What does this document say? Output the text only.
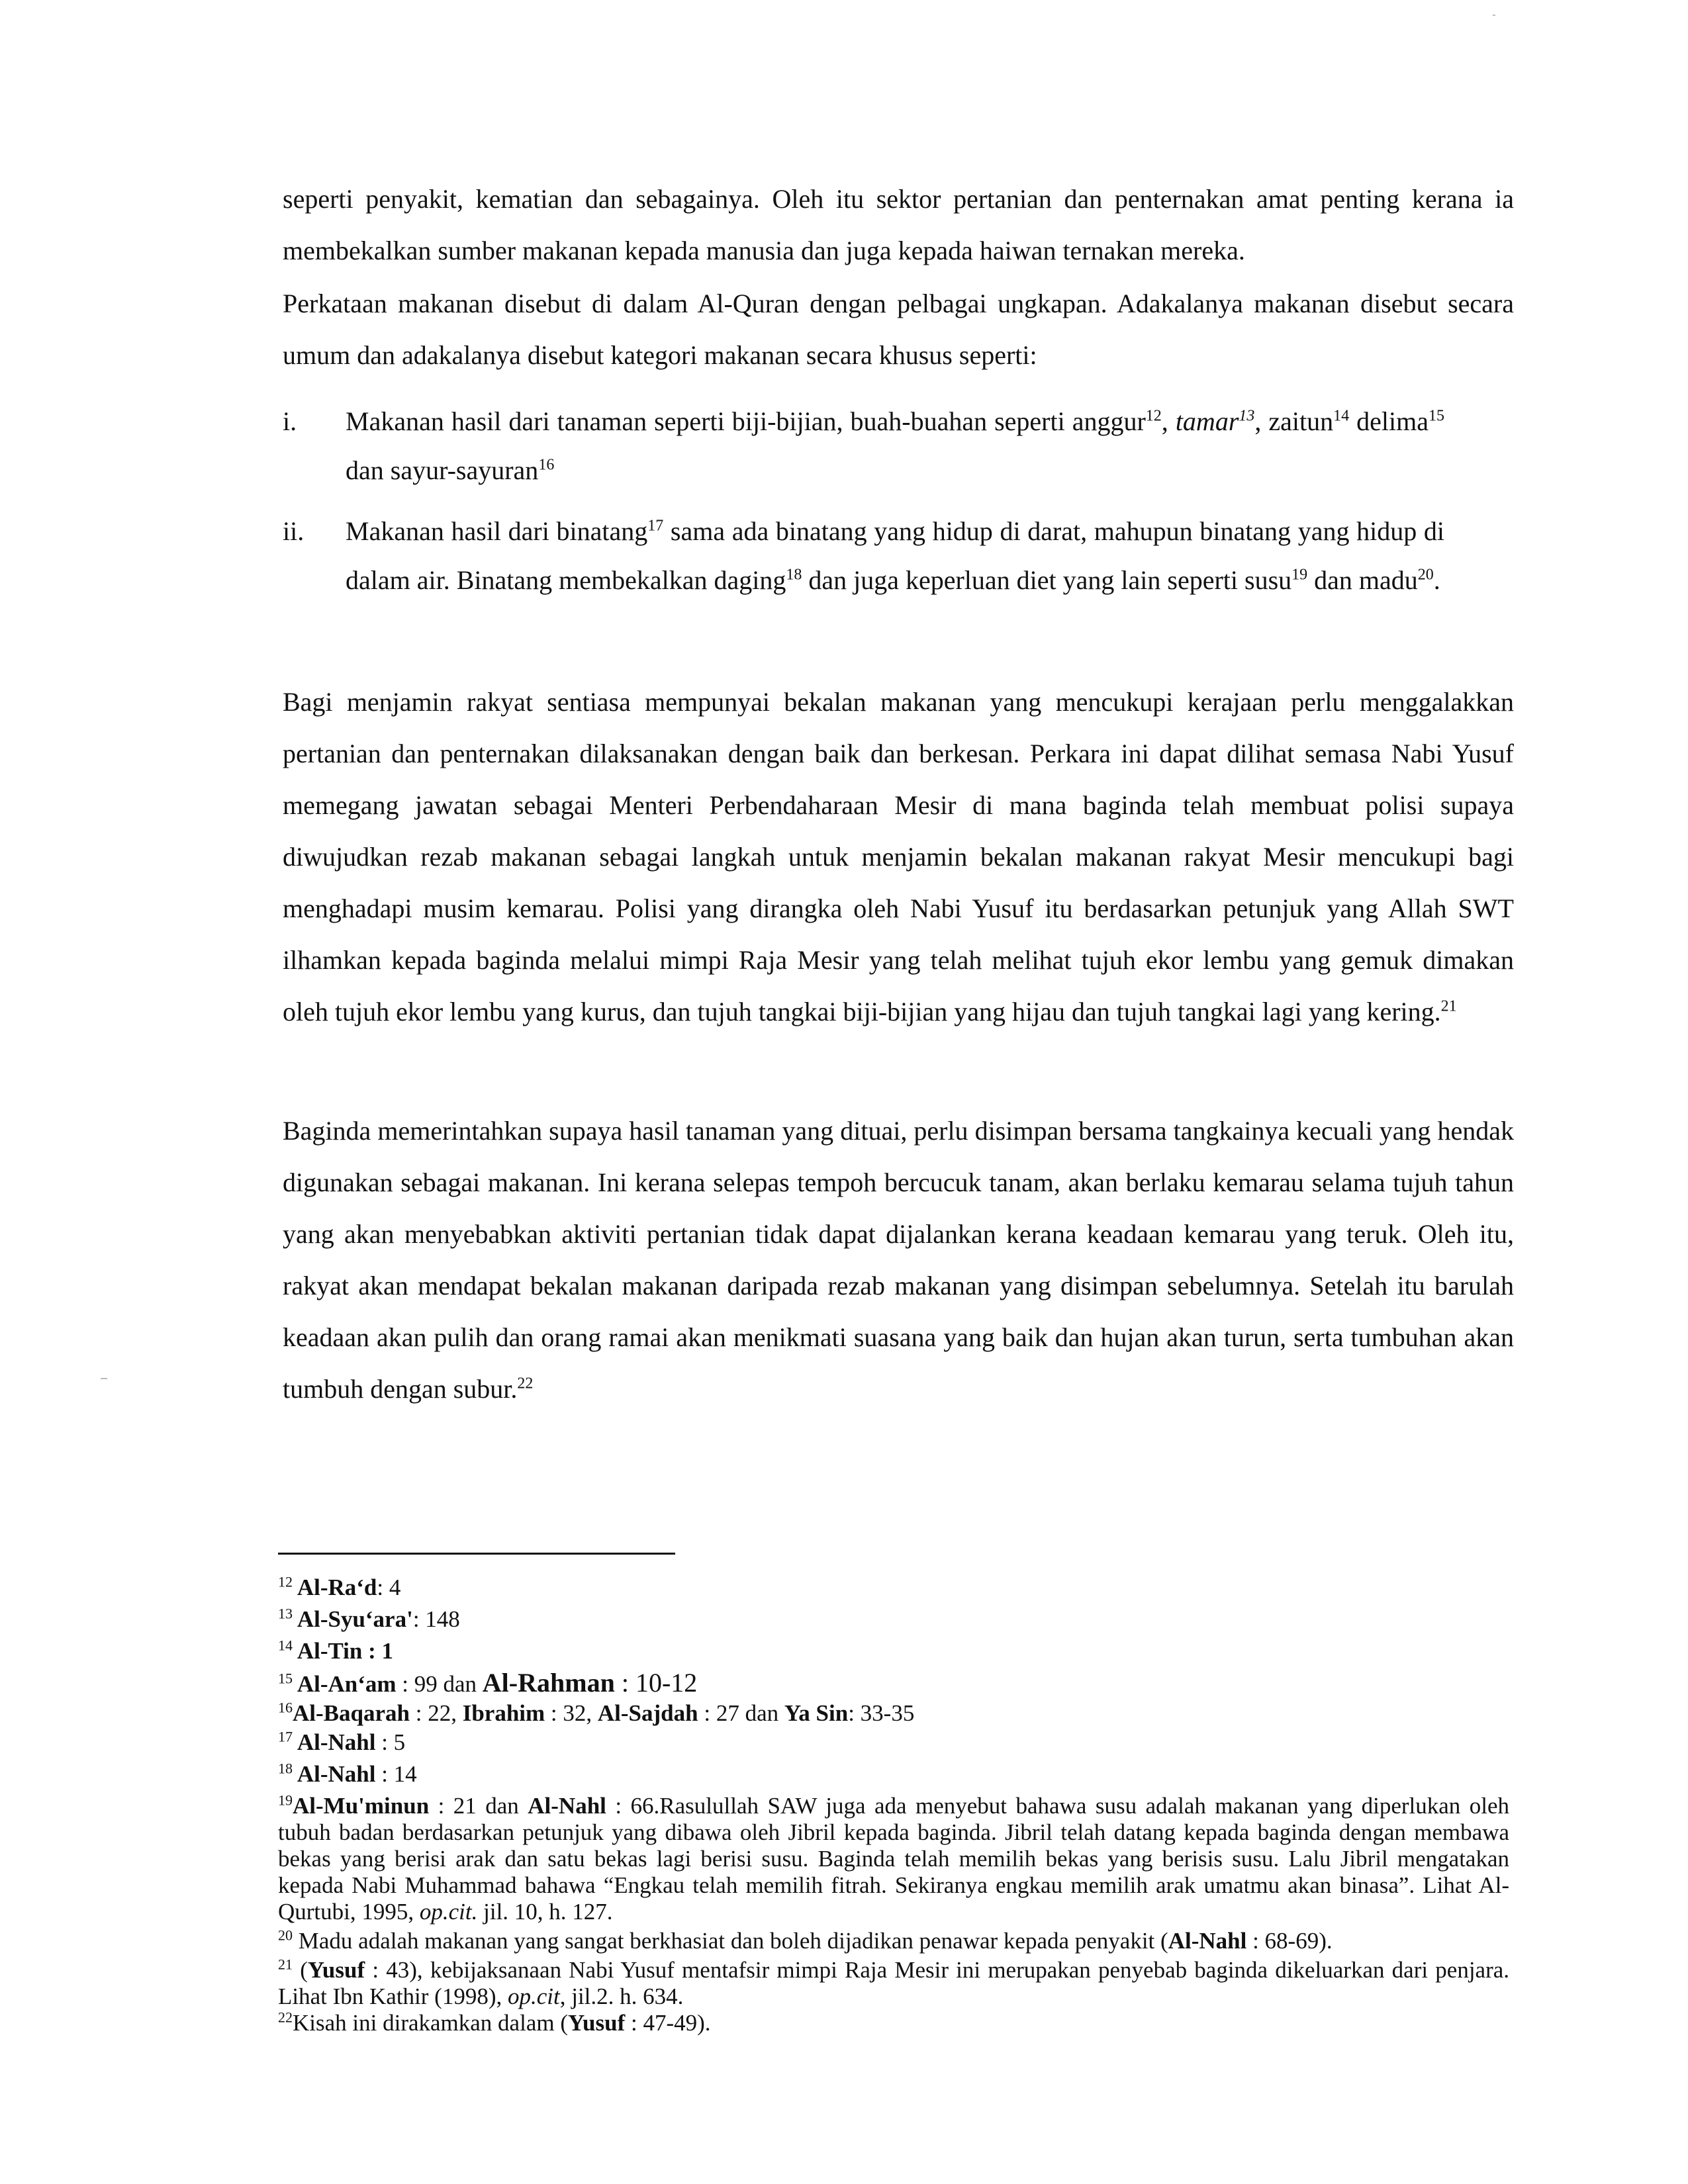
seperti penyakit, kematian dan sebagainya. Oleh itu sektor pertanian dan penternakan amat penting kerana ia membekalkan sumber makanan kepada manusia dan juga kepada haiwan ternakan mereka.
Perkataan makanan disebut di dalam Al-Quran dengan pelbagai ungkapan. Adakalanya makanan disebut secara umum dan adakalanya disebut kategori makanan secara khusus seperti:
i. Makanan hasil dari tanaman seperti biji-bijian, buah-buahan seperti anggur$^{12}$, tamar$^{13}$, zaitun$^{14}$ delima$^{15}$ dan sayur-sayuran$^{16}$
ii. Makanan hasil dari binatang$^{17}$ sama ada binatang yang hidup di darat, mahupun binatang yang hidup di dalam air. Binatang membekalkan daging$^{18}$ dan juga keperluan diet yang lain seperti susu$^{19}$ dan madu$^{20}$.
Bagi menjamin rakyat sentiasa mempunyai bekalan makanan yang mencukupi kerajaan perlu menggalakkan pertanian dan penternakan dilaksanakan dengan baik dan berkesan. Perkara ini dapat dilihat semasa Nabi Yusuf memegang jawatan sebagai Menteri Perbendaharaan Mesir di mana baginda telah membuat polisi supaya diwujudkan rezab makanan sebagai langkah untuk menjamin bekalan makanan rakyat Mesir mencukupi bagi menghadapi musim kemarau. Polisi yang dirangka oleh Nabi Yusuf itu berdasarkan petunjuk yang Allah SWT ilhamkan kepada baginda melalui mimpi Raja Mesir yang telah melihat tujuh ekor lembu yang gemuk dimakan oleh tujuh ekor lembu yang kurus, dan tujuh tangkai biji-bijian yang hijau dan tujuh tangkai lagi yang kering.$^{21}$
Baginda memerintahkan supaya hasil tanaman yang dituai, perlu disimpan bersama tangkainya kecuali yang hendak digunakan sebagai makanan. Ini kerana selepas tempoh bercucuk tanam, akan berlaku kemarau selama tujuh tahun yang akan menyebabkan aktiviti pertanian tidak dapat dijalankan kerana keadaan kemarau yang teruk. Oleh itu, rakyat akan mendapat bekalan makanan daripada rezab makanan yang disimpan sebelumnya. Setelah itu barulah keadaan akan pulih dan orang ramai akan menikmati suasana yang baik dan hujan akan turun, serta tumbuhan akan tumbuh dengan subur.$^{22}$
$^{12}$ Al-Ra‘d: 4
$^{13}$ Al-Syu‘ara': 148
$^{14}$ Al-Tin : 1
$^{15}$ Al-An‘am : 99 dan Al-Rahman : 10-12
$^{16}$Al-Baqarah : 22, Ibrahim : 32, Al-Sajdah : 27 dan Ya Sin: 33-35
$^{17}$ Al-Nahl : 5
$^{18}$ Al-Nahl : 14
$^{19}$Al-Mu'minun : 21 dan Al-Nahl : 66.Rasulullah SAW juga ada menyebut bahawa susu adalah makanan yang diperlukan oleh tubuh badan berdasarkan petunjuk yang dibawa oleh Jibril kepada baginda. Jibril telah datang kepada baginda dengan membawa bekas yang berisi arak dan satu bekas lagi berisi susu. Baginda telah memilih bekas yang berisis susu. Lalu Jibril mengatakan kepada Nabi Muhammad bahawa “Engkau telah memilih fitrah. Sekiranya engkau memilih arak umatmu akan binasa”. Lihat Al-Qurtubi, 1995, op.cit. jil. 10, h. 127.
$^{20}$ Madu adalah makanan yang sangat berkhasiat dan boleh dijadikan penawar kepada penyakit (Al-Nahl : 68-69).
$^{21}$ (Yusuf : 43), kebijaksanaan Nabi Yusuf mentafsir mimpi Raja Mesir ini merupakan penyebab baginda dikeluarkan dari penjara. Lihat Ibn Kathir (1998), op.cit, jil.2. h. 634.
$^{22}$Kisah ini dirakamkan dalam (Yusuf : 47-49).
